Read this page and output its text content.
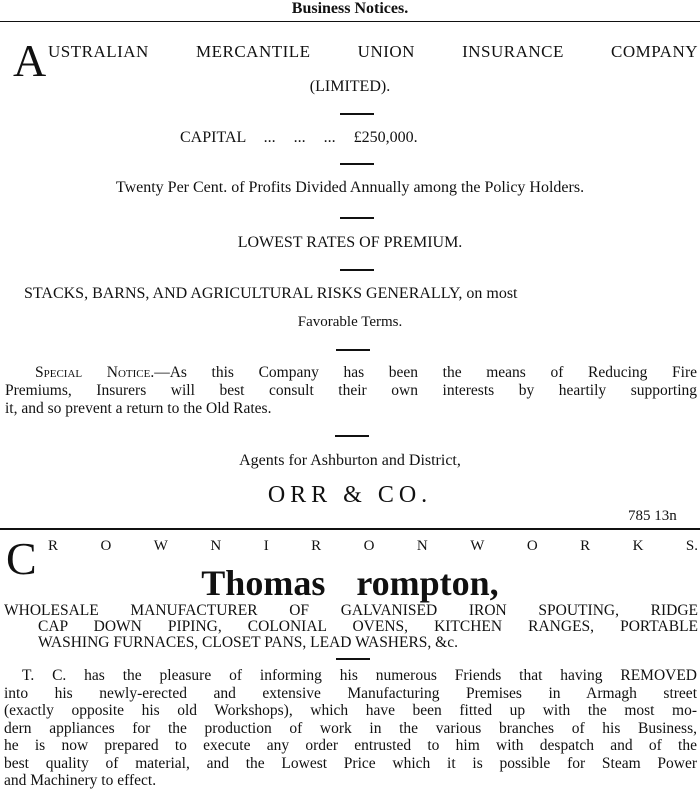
Business Notices.
A USTRALIAN MERCANTILE UNION INSURANCE COMPANY
(LIMITED).
CAPITAL ... ... ... £250,000.
Twenty Per Cent. of Profits Divided Annually among the Policy Holders.
LOWEST RATES OF PREMIUM.
STACKS, BARNS, AND AGRICULTURAL RISKS GENERALLY, on most
Favorable Terms.
Special Notice.—As this Company has been the means of Reducing Fire
Premiums, Insurers will best consult their own interests by heartily supporting
it, and so prevent a return to the Old Rates.
Agents for Ashburton and District,
ORR & CO.
785 13n
C R	O	W	N	I	R	O	N	W	O	R	K	S.
Thomas rompton,
WHOLESALE MANUFACTURER OF GALVANISED IRON SPOUTING, RIDGE
CAP DOWN PIPING, COLONIAL OVENS, KITCHEN RANGES, PORTABLE
WASHING FURNACES, CLOSET PANS, LEAD WASHERS, &c.
T. C. has the pleasure of informing his numerous Friends that having REMOVED
into his newly-erected and extensive Manufacturing Premises in Armagh street
(exactly opposite his old Workshops), which have been fitted up with the most mo-
dern appliances for the production of work in the various branches of his Business,
he is now prepared to execute any order entrusted to him with despatch and of the
best quality of material, and the Lowest Price which it is possible for Steam Power
and Machinery to effect.
